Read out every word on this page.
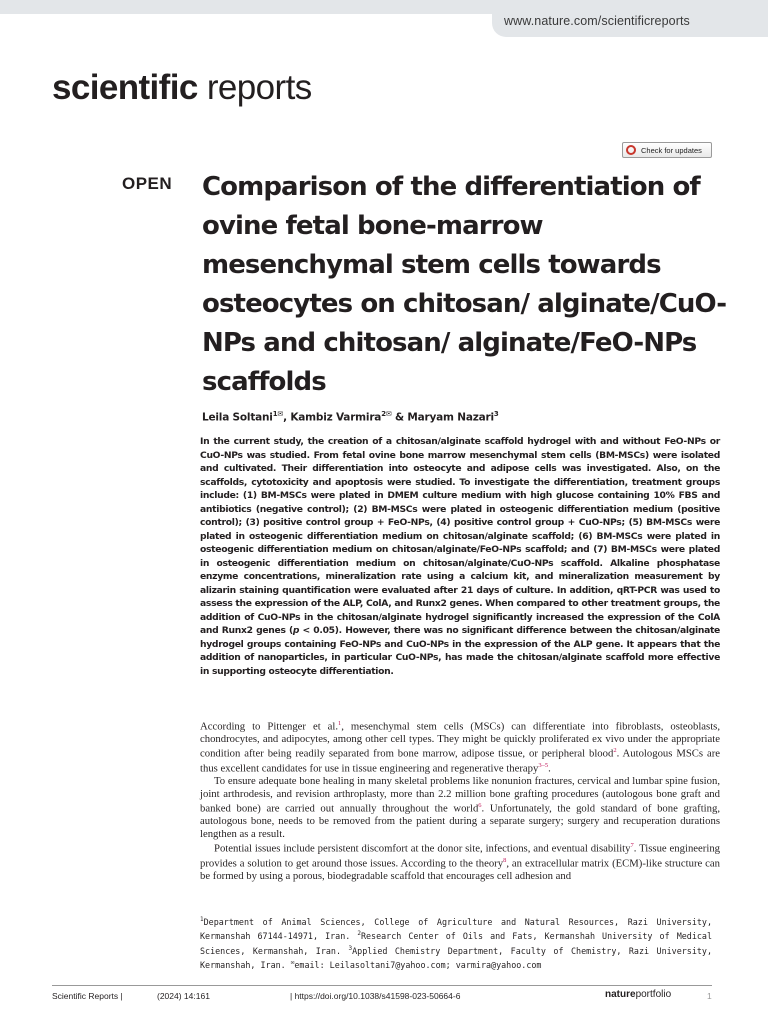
www.nature.com/scientificreports
scientific reports
Check for updates
OPEN Comparison of the differentiation of ovine fetal bone-marrow mesenchymal stem cells towards osteocytes on chitosan/ alginate/CuO-NPs and chitosan/ alginate/FeO-NPs scaffolds
Leila Soltani$^{1✉}$, Kambiz Varmira$^{2✉}$ & Maryam Nazari$^3$

In the current study, the creation of a chitosan/alginate scaffold hydrogel with and without FeO-NPs or CuO-NPs was studied. From fetal ovine bone marrow mesenchymal stem cells (BM-MSCs) were isolated and cultivated. Their differentiation into osteocyte and adipose cells was investigated. Also, on the scaffolds, cytotoxicity and apoptosis were studied. To investigate the differentiation, treatment groups include: (1) BM-MSCs were plated in DMEM culture medium with high glucose containing 10% FBS and antibiotics (negative control); (2) BM-MSCs were plated in osteogenic differentiation medium (positive control); (3) positive control group + FeO-NPs, (4) positive control group + CuO-NPs; (5) BM-MSCs were plated in osteogenic differentiation medium on chitosan/alginate scaffold; (6) BM-MSCs were plated in osteogenic differentiation medium on chitosan/alginate/FeO-NPs scaffold; and (7) BM-MSCs were plated in osteogenic differentiation medium on chitosan/alginate/CuO-NPs scaffold. Alkaline phosphatase enzyme concentrations, mineralization rate using a calcium kit, and mineralization measurement by alizarin staining quantification were evaluated after 21 days of culture. In addition, qRT-PCR was used to assess the expression of the ALP, ColA, and Runx2 genes. When compared to other treatment groups, the addition of CuO-NPs in the chitosan/alginate hydrogel significantly increased the expression of the ColA and Runx2 genes (p < 0.05). However, there was no significant difference between the chitosan/alginate hydrogel groups containing FeO-NPs and CuO-NPs in the expression of the ALP gene. It appears that the addition of nanoparticles, in particular CuO-NPs, has made the chitosan/alginate scaffold more effective in supporting osteocyte differentiation.

According to Pittenger et al.$^1$, mesenchymal stem cells (MSCs) can differentiate into fibroblasts, osteoblasts, chondrocytes, and adipocytes, among other cell types. They might be quickly proliferated ex vivo under the appropriate condition after being readily separated from bone marrow, adipose tissue, or peripheral blood$^2$. Autologous MSCs are thus excellent candidates for use in tissue engineering and regenerative therapy$^{3-5}$.

To ensure adequate bone healing in many skeletal problems like nonunion fractures, cervical and lumbar spine fusion, joint arthrodesis, and revision arthroplasty, more than 2.2 million bone grafting procedures (autologous bone graft and banked bone) are carried out annually throughout the world$^6$. Unfortunately, the gold standard of bone grafting, autologous bone, needs to be removed from the patient during a separate surgery; surgery and recuperation durations lengthen as a result.

Potential issues include persistent discomfort at the donor site, infections, and eventual disability$^7$. Tissue engineering provides a solution to get around those issues. According to the theory$^8$, an extracellular matrix (ECM)-like structure can be formed by using a porous, biodegradable scaffold that encourages cell adhesion and

$^1$Department of Animal Sciences, College of Agriculture and Natural Resources, Razi University, Kermanshah 67144-14971, Iran. $^2$Research Center of Oils and Fats, Kermanshah University of Medical Sciences, Kermanshah, Iran. $^3$Applied Chemistry Department, Faculty of Chemistry, Razi University, Kermanshah, Iran. ✉email: Leilasoltani7@yahoo.com; varmira@yahoo.com

Scientific Reports |	(2024) 14:161	| https://doi.org/10.1038/s41598-023-50664-6	natureportfolio	1
